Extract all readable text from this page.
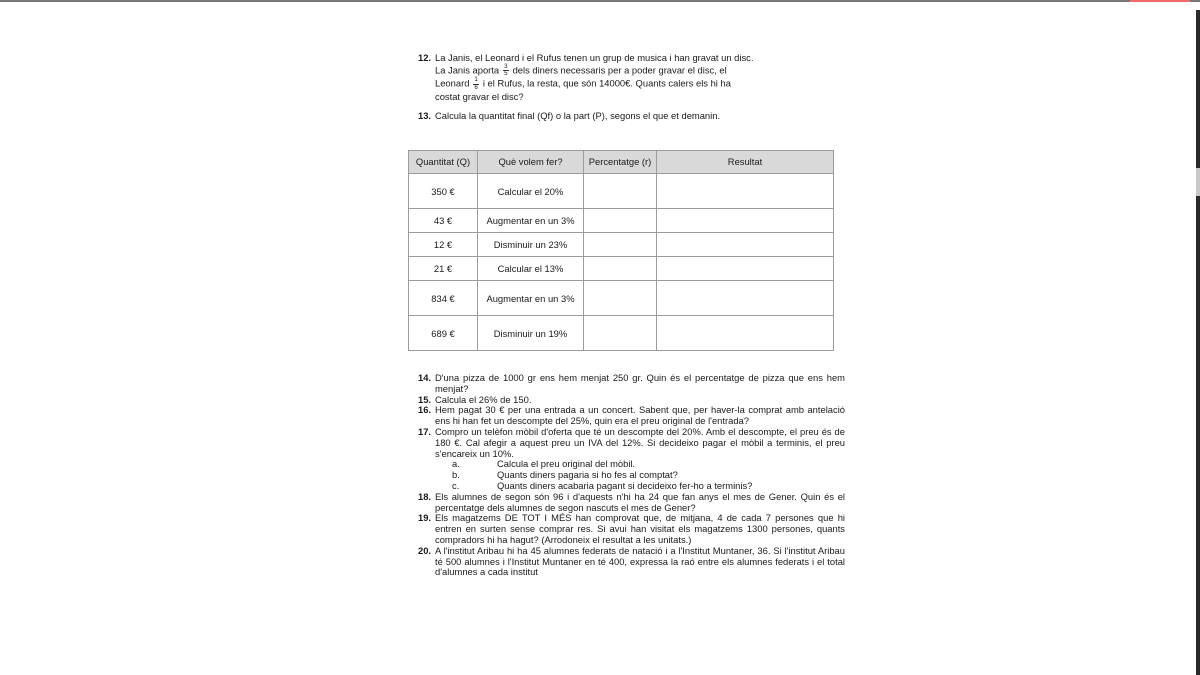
12. La Janis, el Leonard i el Rufus tenen un grup de musica i han gravat un disc.
La Janis aporta $\frac{3}{5}$ dels diners necessaris per a poder gravar el disc, el
Leonard $\frac{1}{6}$ i el Rufus, la resta, que són 14000€. Quants calers els hi ha
costat gravar el disc?

13. Calcula la quantitat final (Qf) o la part (P), segons el que et demanin.

Quantitat (Q)	Què volem fer?	Percentatge (r)	Resultat
350 €	Calcular el 20%		
43 €	Augmentar en un 3%		
12 €	Disminuir un 23%		
21 €	Calcular el 13%		
834 €	Augmentar en un 3%		
689 €	Disminuir un 19%		
14. D'una pizza de 1000 gr ens hem menjat 250 gr. Quin és el percentatge de pizza que ens hem menjat?

15. Calcula el 26% de 150.

16. Hem pagat 30 € per una entrada a un concert. Sabent que, per haver-la comprat amb antelació ens hi han fet un descompte del 25%, quin era el preu original de l'entrada?

17. Compro un telèfon mòbil d'oferta que té un descompte del 20%. Amb el descompte, el preu és de 180 €. Cal afegir a aquest preu un IVA del 12%. Si decideixo pagar el mòbil a terminis, el preu s'encareix un 10%.

a.	Calcula el preu original del mòbil.

b.	Quants diners pagaria si ho fes al comptat?

c.	Quants diners acabaria pagant si decideixo fer-ho a terminis?

18. Els alumnes de segon són 96 i d'aquests n'hi ha 24 que fan anys el mes de Gener. Quin és el percentatge dels alumnes de segon nascuts el mes de Gener?

19. Els magatzems DE TOT I MÉS han comprovat que, de mitjana, 4 de cada 7 persones que hi entren en surten sense comprar res. Si avui han visitat els magatzems 1300 persones, quants compradors hi ha hagut? (Arrodoneix el resultat a les unitats.)

20. A l'institut Aribau hi ha 45 alumnes federats de natació i a l'Institut Muntaner, 36. Si l'institut Aribau té 500 alumnes i l'Institut Muntaner en té 400, expressa la raó entre els alumnes federats i el total d'alumnes a cada institut
